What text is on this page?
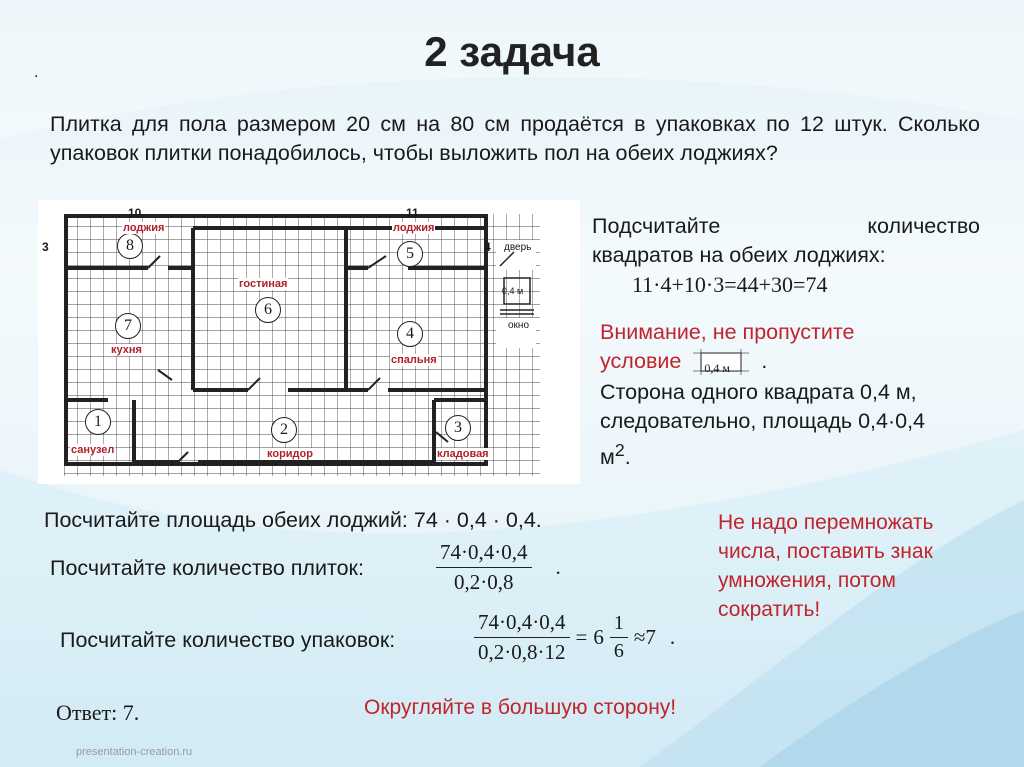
2 задача
.
Плитка для пола размером 20 см на 80 см продаётся в упаковках по 12 штук. Сколько упаковок плитки понадобилось, чтобы выложить пол на обеих лоджиях?
10	11
3	4
8
лоджия
5
лоджия
6
гостиная
7
кухня
4
спальня
1
санузел
2
коридор
3
кладовая
дверь
0,4 м
окно
Подсчитайте	количество
квадратов на обеих лоджиях:
11·4+10·3=44+30=74
Внимание, не пропустите
условие 0,4 м .
Сторона одного квадрата 0,4 м, следовательно, площадь 0,4·0,4 $м^2$.
Посчитайте площадь обеих лоджий: 74 · 0,4 · 0,4.
Посчитайте количество плиток:	$\frac{74\cdot 0,4\cdot 0,4}{0,2\cdot 0,8}$ .
Посчитайте количество упаковок:	$\frac{74\cdot 0,4\cdot 0,4}{0,2\cdot 0,8\cdot 12} = 6 \frac{1}{6} \approx 7$ .
Не надо перемножать числа, поставить знак умножения, потом сократить!
Округляйте в большую сторону!
Ответ: 7.
presentation-creation.ru
